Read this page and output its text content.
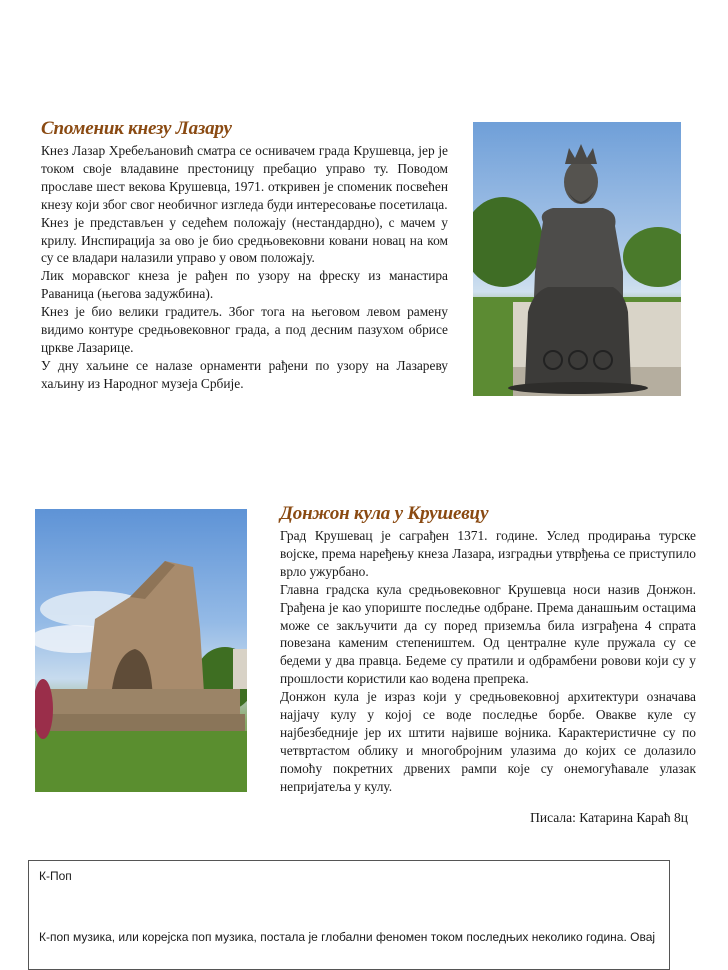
Споменик кнезу Лазару

Кнез Лазар Хребељановић сматра се оснивачем града Крушевца, јер је током своје владавине престоницу пребацио управо ту. Поводом прославе шест векова Крушевца, 1971. откривен је споменик посвећен кнезу који због свог необичног изгледа буди интересовање посетилаца.

Кнез је представљен у седећем положају (нестандардно), с мачем у крилу. Инспирација за ово је био средњовековни ковани новац на ком су се владари налазили управо у овом положају.

Лик моравског кнеза је рађен по узору на фреску из манастира Раваница (његова задужбина).

Кнез је био велики градитељ. Због тога на његовом левом рамену видимо контуре средњовековног града, а под десним пазухом обрисе цркве Лазарице.

У дну хаљине се налазе орнаменти рађени по узору на Лазареву хаљину из Народног музеја Србије.

Донжон кула у Крушевцу

Град Крушевац је саграђен 1371. године. Услед продирања турске војске, према наређењу кнеза Лазара, изградњи утврђења се приступило врло ужурбано.

Главна градска кула средњовековног Крушевца носи назив Донжон. Грађена је као упориште последње одбране. Према данашњим остацима може се закључити да су поред приземља била изграђена 4 спрата повезана каменим степеништем. Од централне куле пружала су се бедеми у два правца. Бедеме су пратили и одбрамбени ровови који су у прошлости користили као водена препрека.

Донжон кула је израз који у средњовековној архитектури означава најјачу кулу у којој се воде последње борбе. Овакве куле су најбезбедније јер их штити највише војника. Карактеристичне су по четвртастом облику и многобројним улазима до којих се долазило помоћу покретних дрвених рампи које су онемогућавале улазак непријатеља у кулу.

Писала: Катарина Караћ 8ц

К-Поп

К-поп музика, или корејска поп музика, постала је глобални феномен током последњих неколико година. Овај
